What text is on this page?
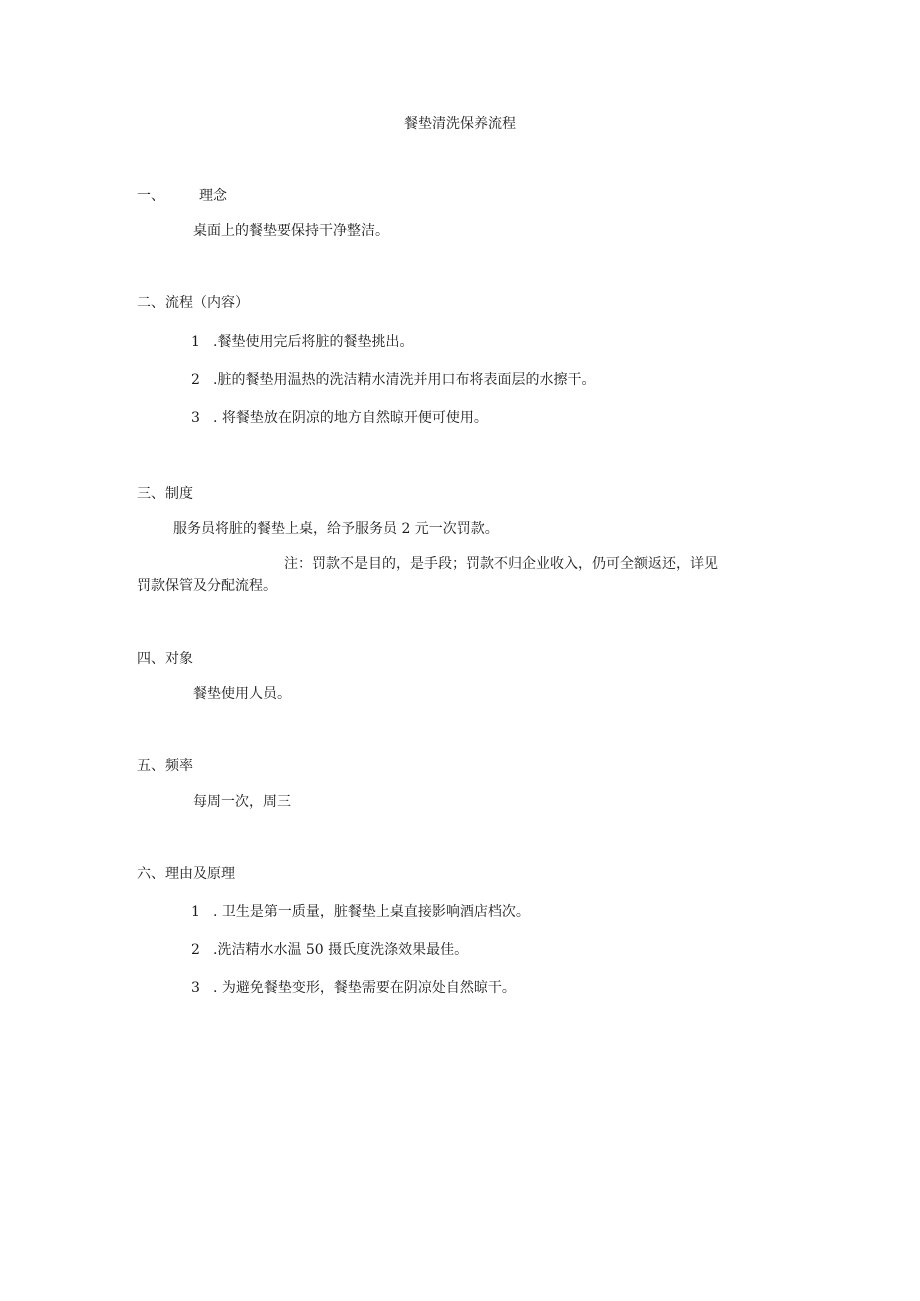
餐垫清洗保养流程
一、 理念
桌面上的餐垫要保持干净整洁。
二、流程（内容）
1 .餐垫使用完后将脏的餐垫挑出。
2 .脏的餐垫用温热的洗洁精水清洗并用口布将表面层的水擦干。
3 . 将餐垫放在阴凉的地方自然晾开便可使用。
三、制度
服务员将脏的餐垫上桌，给予服务员 2 元一次罚款。
注：罚款不是目的，是手段；罚款不归企业收入，仍可全额返还，详见
罚款保管及分配流程。
四、对象
餐垫使用人员。
五、频率
每周一次，周三
六、理由及原理
1 . 卫生是第一质量，脏餐垫上桌直接影响酒店档次。
2 .洗洁精水水温 50 摄氏度洗涤效果最佳。
3 . 为避免餐垫变形，餐垫需要在阴凉处自然晾干。
